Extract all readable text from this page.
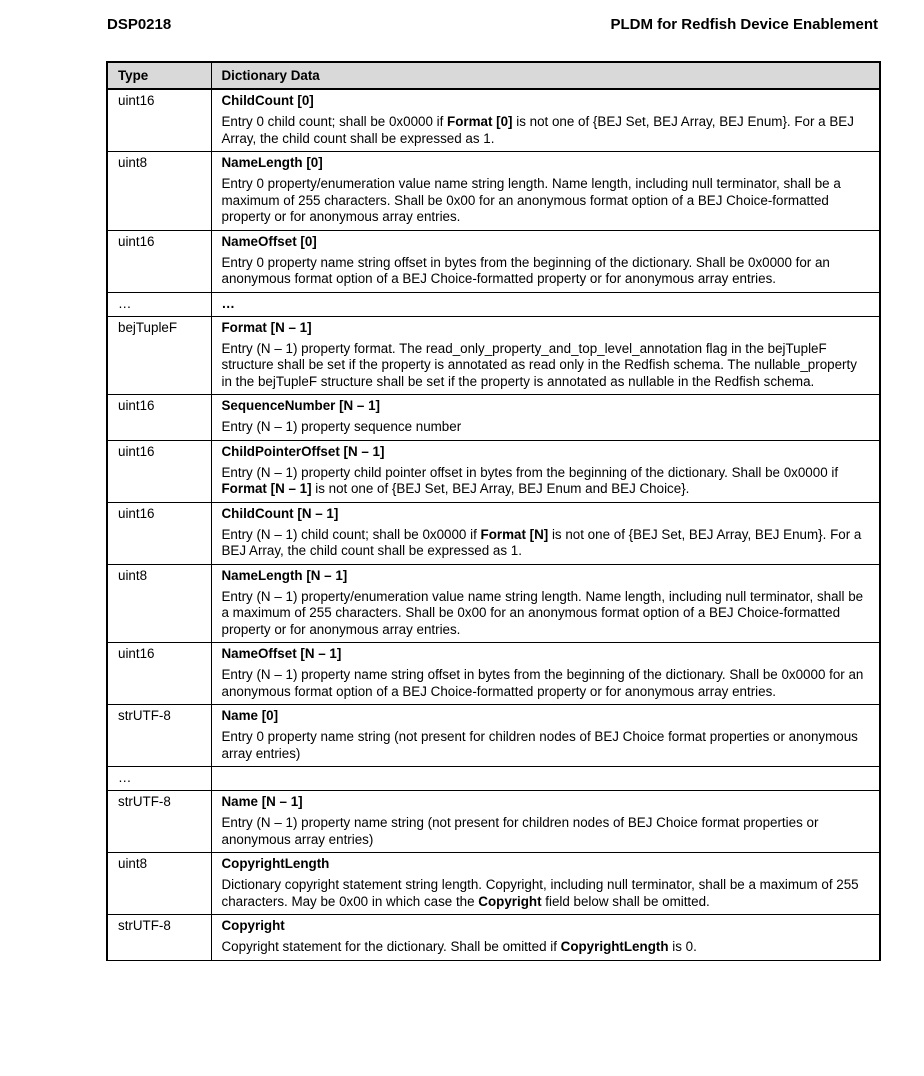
DSP0218	PLDM for Redfish Device Enablement
Type	Dictionary Data
uint16	ChildCount [0]
Entry 0 child count; shall be 0x0000 if Format [0] is not one of {BEJ Set, BEJ Array, BEJ Enum}. For a BEJ Array, the child count shall be expressed as 1.

uint8	NameLength [0]
Entry 0 property/enumeration value name string length. Name length, including null terminator, shall be a maximum of 255 characters. Shall be 0x00 for an anonymous format option of a BEJ Choice-formatted property or for anonymous array entries.

uint16	NameOffset [0]
Entry 0 property name string offset in bytes from the beginning of the dictionary. Shall be 0x0000 for an anonymous format option of a BEJ Choice-formatted property or for anonymous array entries.

…	…
bejTupleF	Format [N – 1]
Entry (N – 1) property format. The read_only_property_and_top_level_annotation flag in the bejTupleF structure shall be set if the property is annotated as read only in the Redfish schema. The nullable_property in the bejTupleF structure shall be set if the property is annotated as nullable in the Redfish schema.

uint16	SequenceNumber [N – 1]
Entry (N – 1) property sequence number

uint16	ChildPointerOffset [N – 1]
Entry (N – 1) property child pointer offset in bytes from the beginning of the dictionary. Shall be 0x0000 if Format [N – 1] is not one of {BEJ Set, BEJ Array, BEJ Enum and BEJ Choice}.

uint16	ChildCount [N – 1]
Entry (N – 1) child count; shall be 0x0000 if Format [N] is not one of {BEJ Set, BEJ Array, BEJ Enum}. For a BEJ Array, the child count shall be expressed as 1.

uint8	NameLength [N – 1]
Entry (N – 1) property/enumeration value name string length. Name length, including null terminator, shall be a maximum of 255 characters. Shall be 0x00 for an anonymous format option of a BEJ Choice-formatted property or for anonymous array entries.

uint16	NameOffset [N – 1]
Entry (N – 1) property name string offset in bytes from the beginning of the dictionary. Shall be 0x0000 for an anonymous format option of a BEJ Choice-formatted property or for anonymous array entries.

strUTF-8	Name [0]
Entry 0 property name string (not present for children nodes of BEJ Choice format properties or anonymous array entries)

…	
strUTF-8	Name [N – 1]
Entry (N – 1) property name string (not present for children nodes of BEJ Choice format properties or anonymous array entries)

uint8	CopyrightLength
Dictionary copyright statement string length. Copyright, including null terminator, shall be a maximum of 255 characters. May be 0x00 in which case the Copyright field below shall be omitted.

strUTF-8	Copyright
Copyright statement for the dictionary. Shall be omitted if CopyrightLength is 0.
